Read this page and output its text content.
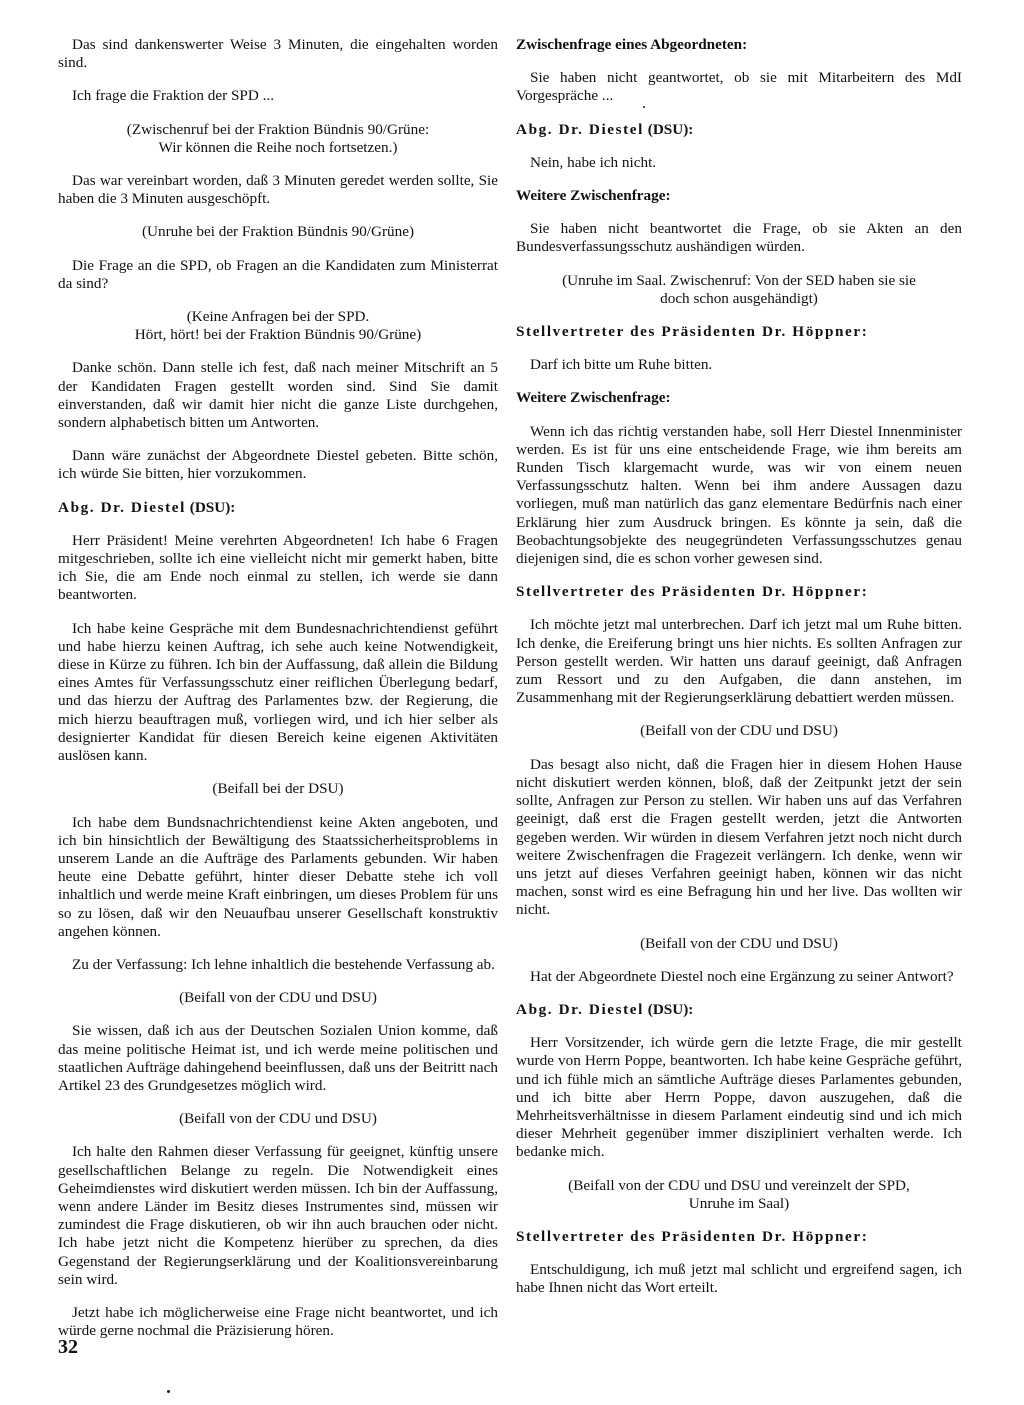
Das sind dankenswerter Weise 3 Minuten, die eingehalten worden sind.

Ich frage die Fraktion der SPD ...

(Zwischenruf bei der Fraktion Bündnis 90/Grüne:
Wir können die Reihe noch fortsetzen.)

Das war vereinbart worden, daß 3 Minuten geredet werden sollte, Sie haben die 3 Minuten ausgeschöpft.

(Unruhe bei der Fraktion Bündnis 90/Grüne)

Die Frage an die SPD, ob Fragen an die Kandidaten zum Ministerrat da sind?

(Keine Anfragen bei der SPD.
Hört, hört! bei der Fraktion Bündnis 90/Grüne)

Danke schön. Dann stelle ich fest, daß nach meiner Mitschrift an 5 der Kandidaten Fragen gestellt worden sind. Sind Sie damit einverstanden, daß wir damit hier nicht die ganze Liste durchgehen, sondern alphabetisch bitten um Antworten.

Dann wäre zunächst der Abgeordnete Diestel gebeten. Bitte schön, ich würde Sie bitten, hier vorzukommen.

Abg. Dr. Diestel (DSU):

Herr Präsident! Meine verehrten Abgeordneten! Ich habe 6 Fragen mitgeschrieben, sollte ich eine vielleicht nicht mir gemerkt haben, bitte ich Sie, die am Ende noch einmal zu stellen, ich werde sie dann beantworten.

Ich habe keine Gespräche mit dem Bundesnachrichtendienst geführt und habe hierzu keinen Auftrag, ich sehe auch keine Notwendigkeit, diese in Kürze zu führen. Ich bin der Auffassung, daß allein die Bildung eines Amtes für Verfassungsschutz einer reiflichen Überlegung bedarf, und das hierzu der Auftrag des Parlamentes bzw. der Regierung, die mich hierzu beauftragen muß, vorliegen wird, und ich hier selber als designierter Kandidat für diesen Bereich keine eigenen Aktivitäten auslösen kann.

(Beifall bei der DSU)

Ich habe dem Bundsnachrichtendienst keine Akten angeboten, und ich bin hinsichtlich der Bewältigung des Staatssicherheitsproblems in unserem Lande an die Aufträge des Parlaments gebunden. Wir haben heute eine Debatte geführt, hinter dieser Debatte stehe ich voll inhaltlich und werde meine Kraft einbringen, um dieses Problem für uns so zu lösen, daß wir den Neuaufbau unserer Gesellschaft konstruktiv angehen können.

Zu der Verfassung: Ich lehne inhaltlich die bestehende Verfassung ab.

(Beifall von der CDU und DSU)

Sie wissen, daß ich aus der Deutschen Sozialen Union komme, daß das meine politische Heimat ist, und ich werde meine politischen und staatlichen Aufträge dahingehend beeinflussen, daß uns der Beitritt nach Artikel 23 des Grundgesetzes möglich wird.

(Beifall von der CDU und DSU)

Ich halte den Rahmen dieser Verfassung für geeignet, künftig unsere gesellschaftlichen Belange zu regeln. Die Notwendigkeit eines Geheimdienstes wird diskutiert werden müssen. Ich bin der Auffassung, wenn andere Länder im Besitz dieses Instrumentes sind, müssen wir zumindest die Frage diskutieren, ob wir ihn auch brauchen oder nicht. Ich habe jetzt nicht die Kompetenz hierüber zu sprechen, da dies Gegenstand der Regierungserklärung und der Koalitionsvereinbarung sein wird.

Jetzt habe ich möglicherweise eine Frage nicht beantwortet, und ich würde gerne nochmal die Präzisierung hören.

Zwischenfrage eines Abgeordneten:

Sie haben nicht geantwortet, ob sie mit Mitarbeitern des MdI Vorgespräche ...

Abg. Dr. Diestel (DSU):

Nein, habe ich nicht.

Weitere Zwischenfrage:

Sie haben nicht beantwortet die Frage, ob sie Akten an den Bundesverfassungsschutz aushändigen würden.

(Unruhe im Saal. Zwischenruf: Von der SED haben sie sie
doch schon ausgehändigt)

Stellvertreter des Präsidenten Dr. Höppner:

Darf ich bitte um Ruhe bitten.

Weitere Zwischenfrage:

Wenn ich das richtig verstanden habe, soll Herr Diestel Innenminister werden. Es ist für uns eine entscheidende Frage, wie ihm bereits am Runden Tisch klargemacht wurde, was wir von einem neuen Verfassungsschutz halten. Wenn bei ihm andere Aussagen dazu vorliegen, muß man natürlich das ganz elementare Bedürfnis nach einer Erklärung hier zum Ausdruck bringen. Es könnte ja sein, daß die Beobachtungsobjekte des neugegründeten Verfassungsschutzes genau diejenigen sind, die es schon vorher gewesen sind.

Stellvertreter des Präsidenten Dr. Höppner:

Ich möchte jetzt mal unterbrechen. Darf ich jetzt mal um Ruhe bitten. Ich denke, die Ereiferung bringt uns hier nichts. Es sollten Anfragen zur Person gestellt werden. Wir hatten uns darauf geeinigt, daß Anfragen zum Ressort und zu den Aufgaben, die dann anstehen, im Zusammenhang mit der Regierungserklärung debattiert werden müssen.

(Beifall von der CDU und DSU)

Das besagt also nicht, daß die Fragen hier in diesem Hohen Hause nicht diskutiert werden können, bloß, daß der Zeitpunkt jetzt der sein sollte, Anfragen zur Person zu stellen. Wir haben uns auf das Verfahren geeinigt, daß erst die Fragen gestellt werden, jetzt die Antworten gegeben werden. Wir würden in diesem Verfahren jetzt noch nicht durch weitere Zwischenfragen die Fragezeit verlängern. Ich denke, wenn wir uns jetzt auf dieses Verfahren geeinigt haben, können wir das nicht machen, sonst wird es eine Befragung hin und her live. Das wollten wir nicht.

(Beifall von der CDU und DSU)

Hat der Abgeordnete Diestel noch eine Ergänzung zu seiner Antwort?

Abg. Dr. Diestel (DSU):

Herr Vorsitzender, ich würde gern die letzte Frage, die mir gestellt wurde von Herrn Poppe, beantworten. Ich habe keine Gespräche geführt, und ich fühle mich an sämtliche Aufträge dieses Parlamentes gebunden, und ich bitte aber Herrn Poppe, davon auszugehen, daß die Mehrheitsverhältnisse in diesem Parlament eindeutig sind und ich mich dieser Mehrheit gegenüber immer diszipliniert verhalten werde. Ich bedanke mich.

(Beifall von der CDU und DSU und vereinzelt der SPD,
Unruhe im Saal)

Stellvertreter des Präsidenten Dr. Höppner:

Entschuldigung, ich muß jetzt mal schlicht und ergreifend sagen, ich habe Ihnen nicht das Wort erteilt.

32
